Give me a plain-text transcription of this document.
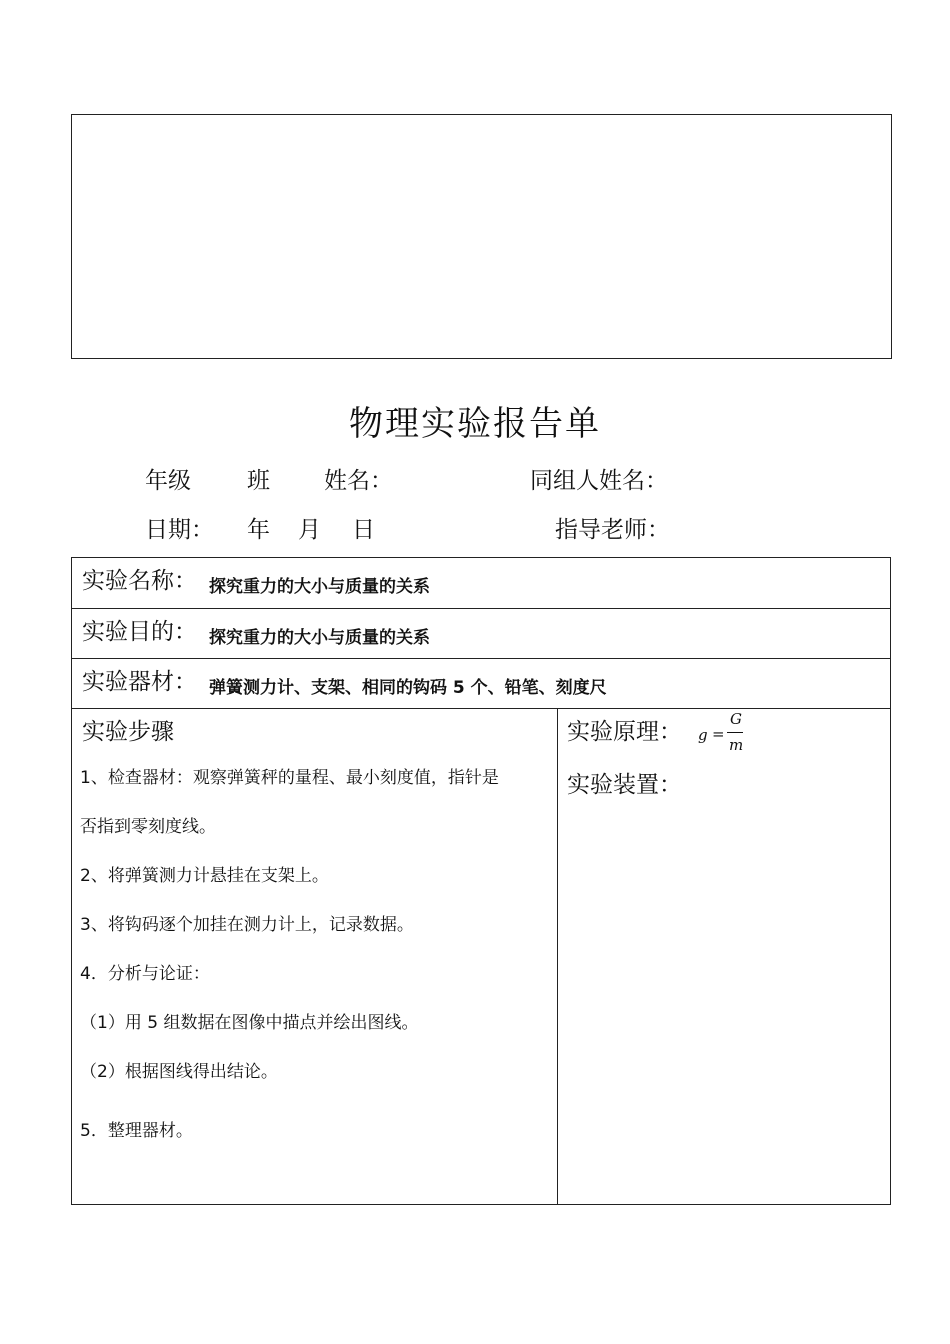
物理实验报告单
年级 班 姓名：	同组人姓名：
日期： 年 月 日	指导老师：
实验名称： 探究重力的大小与质量的关系
实验目的： 探究重力的大小与质量的关系
实验器材： 弹簧测力计、支架、相同的钩码 5 个、铅笔、刻度尺
实验步骤
1、检查器材：观察弹簧秤的量程、最小刻度值，指针是
否指到零刻度线。
2、将弹簧测力计悬挂在支架上。
3、将钩码逐个加挂在测力计上，记录数据。
4．分析与论证：
（1）用 5 组数据在图像中描点并绘出图线。
（2）根据图线得出结论。
5．整理器材。
实验原理： g =
G
m
实验装置：
